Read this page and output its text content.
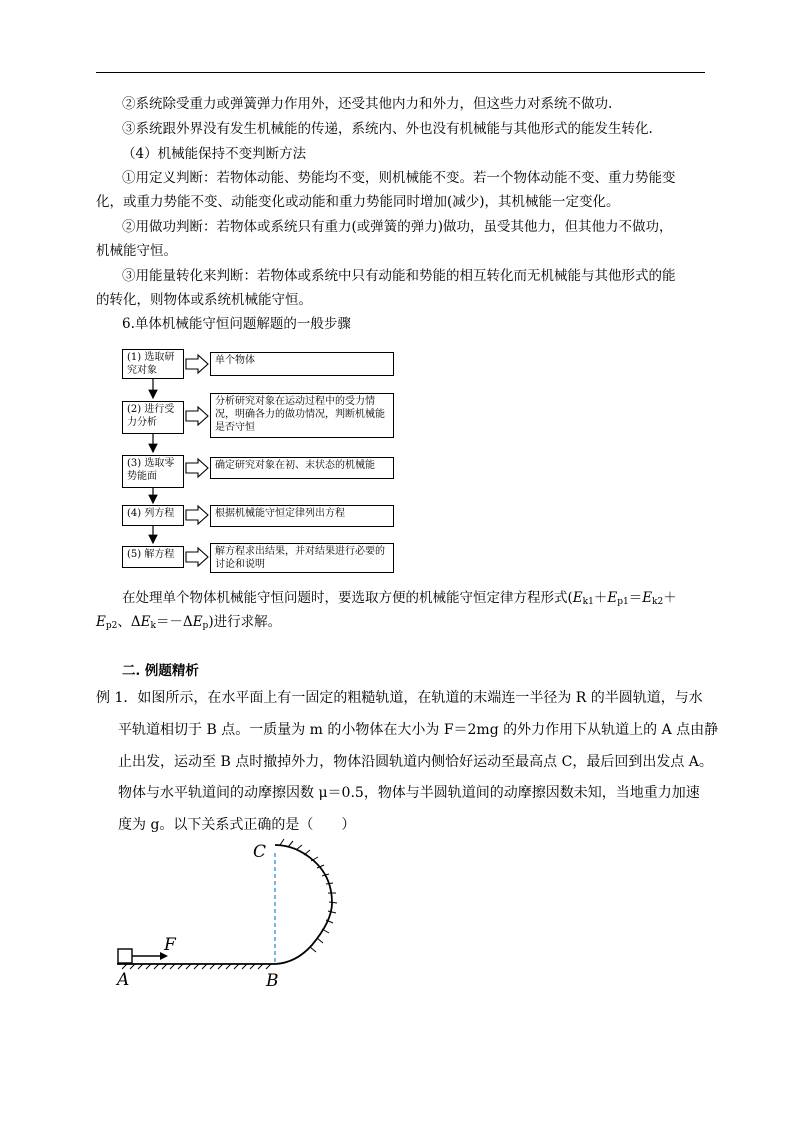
②系统除受重力或弹簧弹力作用外，还受其他内力和外力，但这些力对系统不做功.
③系统跟外界没有发生机械能的传递，系统内、外也没有机械能与其他形式的能发生转化.
（4）机械能保持不变判断方法
①用定义判断：若物体动能、势能均不变，则机械能不变。若一个物体动能不变、重力势能变
化，或重力势能不变、动能变化或动能和重力势能同时增加(减少)，其机械能一定变化。
②用做功判断：若物体或系统只有重力(或弹簧的弹力)做功，虽受其他力，但其他力不做功，
机械能守恒。
③用能量转化来判断：若物体或系统中只有动能和势能的相互转化而无机械能与其他形式的能
的转化，则物体或系统机械能守恒。
6.单体机械能守恒问题解题的一般步骤
(1) 选取研究对象
单个物体
(2) 进行受力分析
分析研究对象在运动过程中的受力情况，明确各力的做功情况，判断机械能是否守恒
(3) 选取零势能面
确定研究对象在初、末状态的机械能
(4) 列方程	根据机械能守恒定律列出方程
(5) 解方程	解方程求出结果，并对结果进行必要的讨论和说明
在处理单个物体机械能守恒问题时，要选取方便的机械能守恒定律方程形式($E_{k1}+E_{p1}=E_{k2}+$
$E_{p2}$、$\Delta E_k=-\Delta E_p$)进行求解。
二. 例题精析
例 1．如图所示，在水平面上有一固定的粗糙轨道，在轨道的末端连一半径为 R 的半圆轨道，与水
平轨道相切于 B 点。一质量为 m 的小物体在大小为 F＝2mg 的外力作用下从轨道上的 A 点由静
止出发，运动至 B 点时撤掉外力，物体沿圆轨道内侧恰好运动至最高点 C，最后回到出发点 A。
物体与水平轨道间的动摩擦因数 μ＝0.5，物体与半圆轨道间的动摩擦因数未知，当地重力加速
度为 g。以下关系式正确的是（　　）
C
F
A	B
